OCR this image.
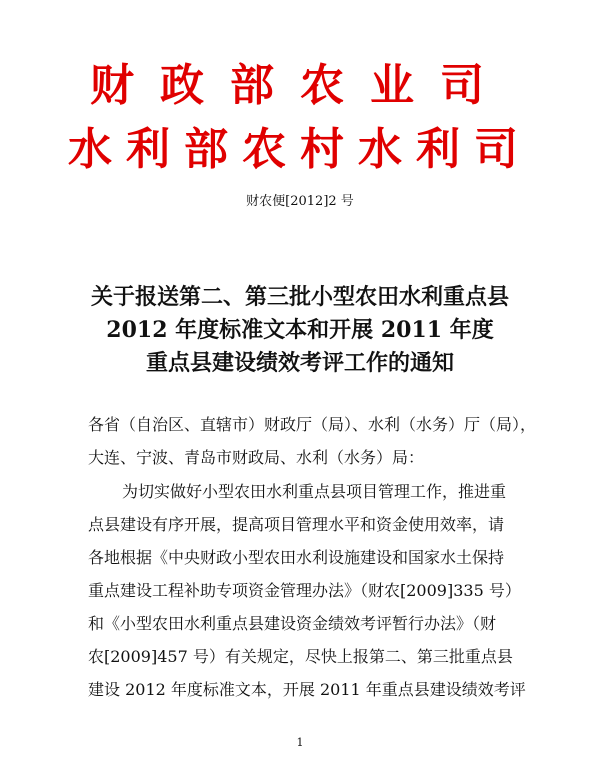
财政部农业司
水利部农村水利司
财农便[2012]2 号
关于报送第二、第三批小型农田水利重点县
2012 年度标准文本和开展 2011 年度
重点县建设绩效考评工作的通知
各省（自治区、直辖市）财政厅（局）、水利（水务）厅（局），
大连、宁波、青岛市财政局、水利（水务）局：
为切实做好小型农田水利重点县项目管理工作，推进重
点县建设有序开展，提高项目管理水平和资金使用效率，请
各地根据《中央财政小型农田水利设施建设和国家水土保持
重点建设工程补助专项资金管理办法》（财农[2009]335 号）
和《小型农田水利重点县建设资金绩效考评暂行办法》（财
农[2009]457 号）有关规定，尽快上报第二、第三批重点县
建设 2012 年度标准文本，开展 2011 年重点县建设绩效考评
1
